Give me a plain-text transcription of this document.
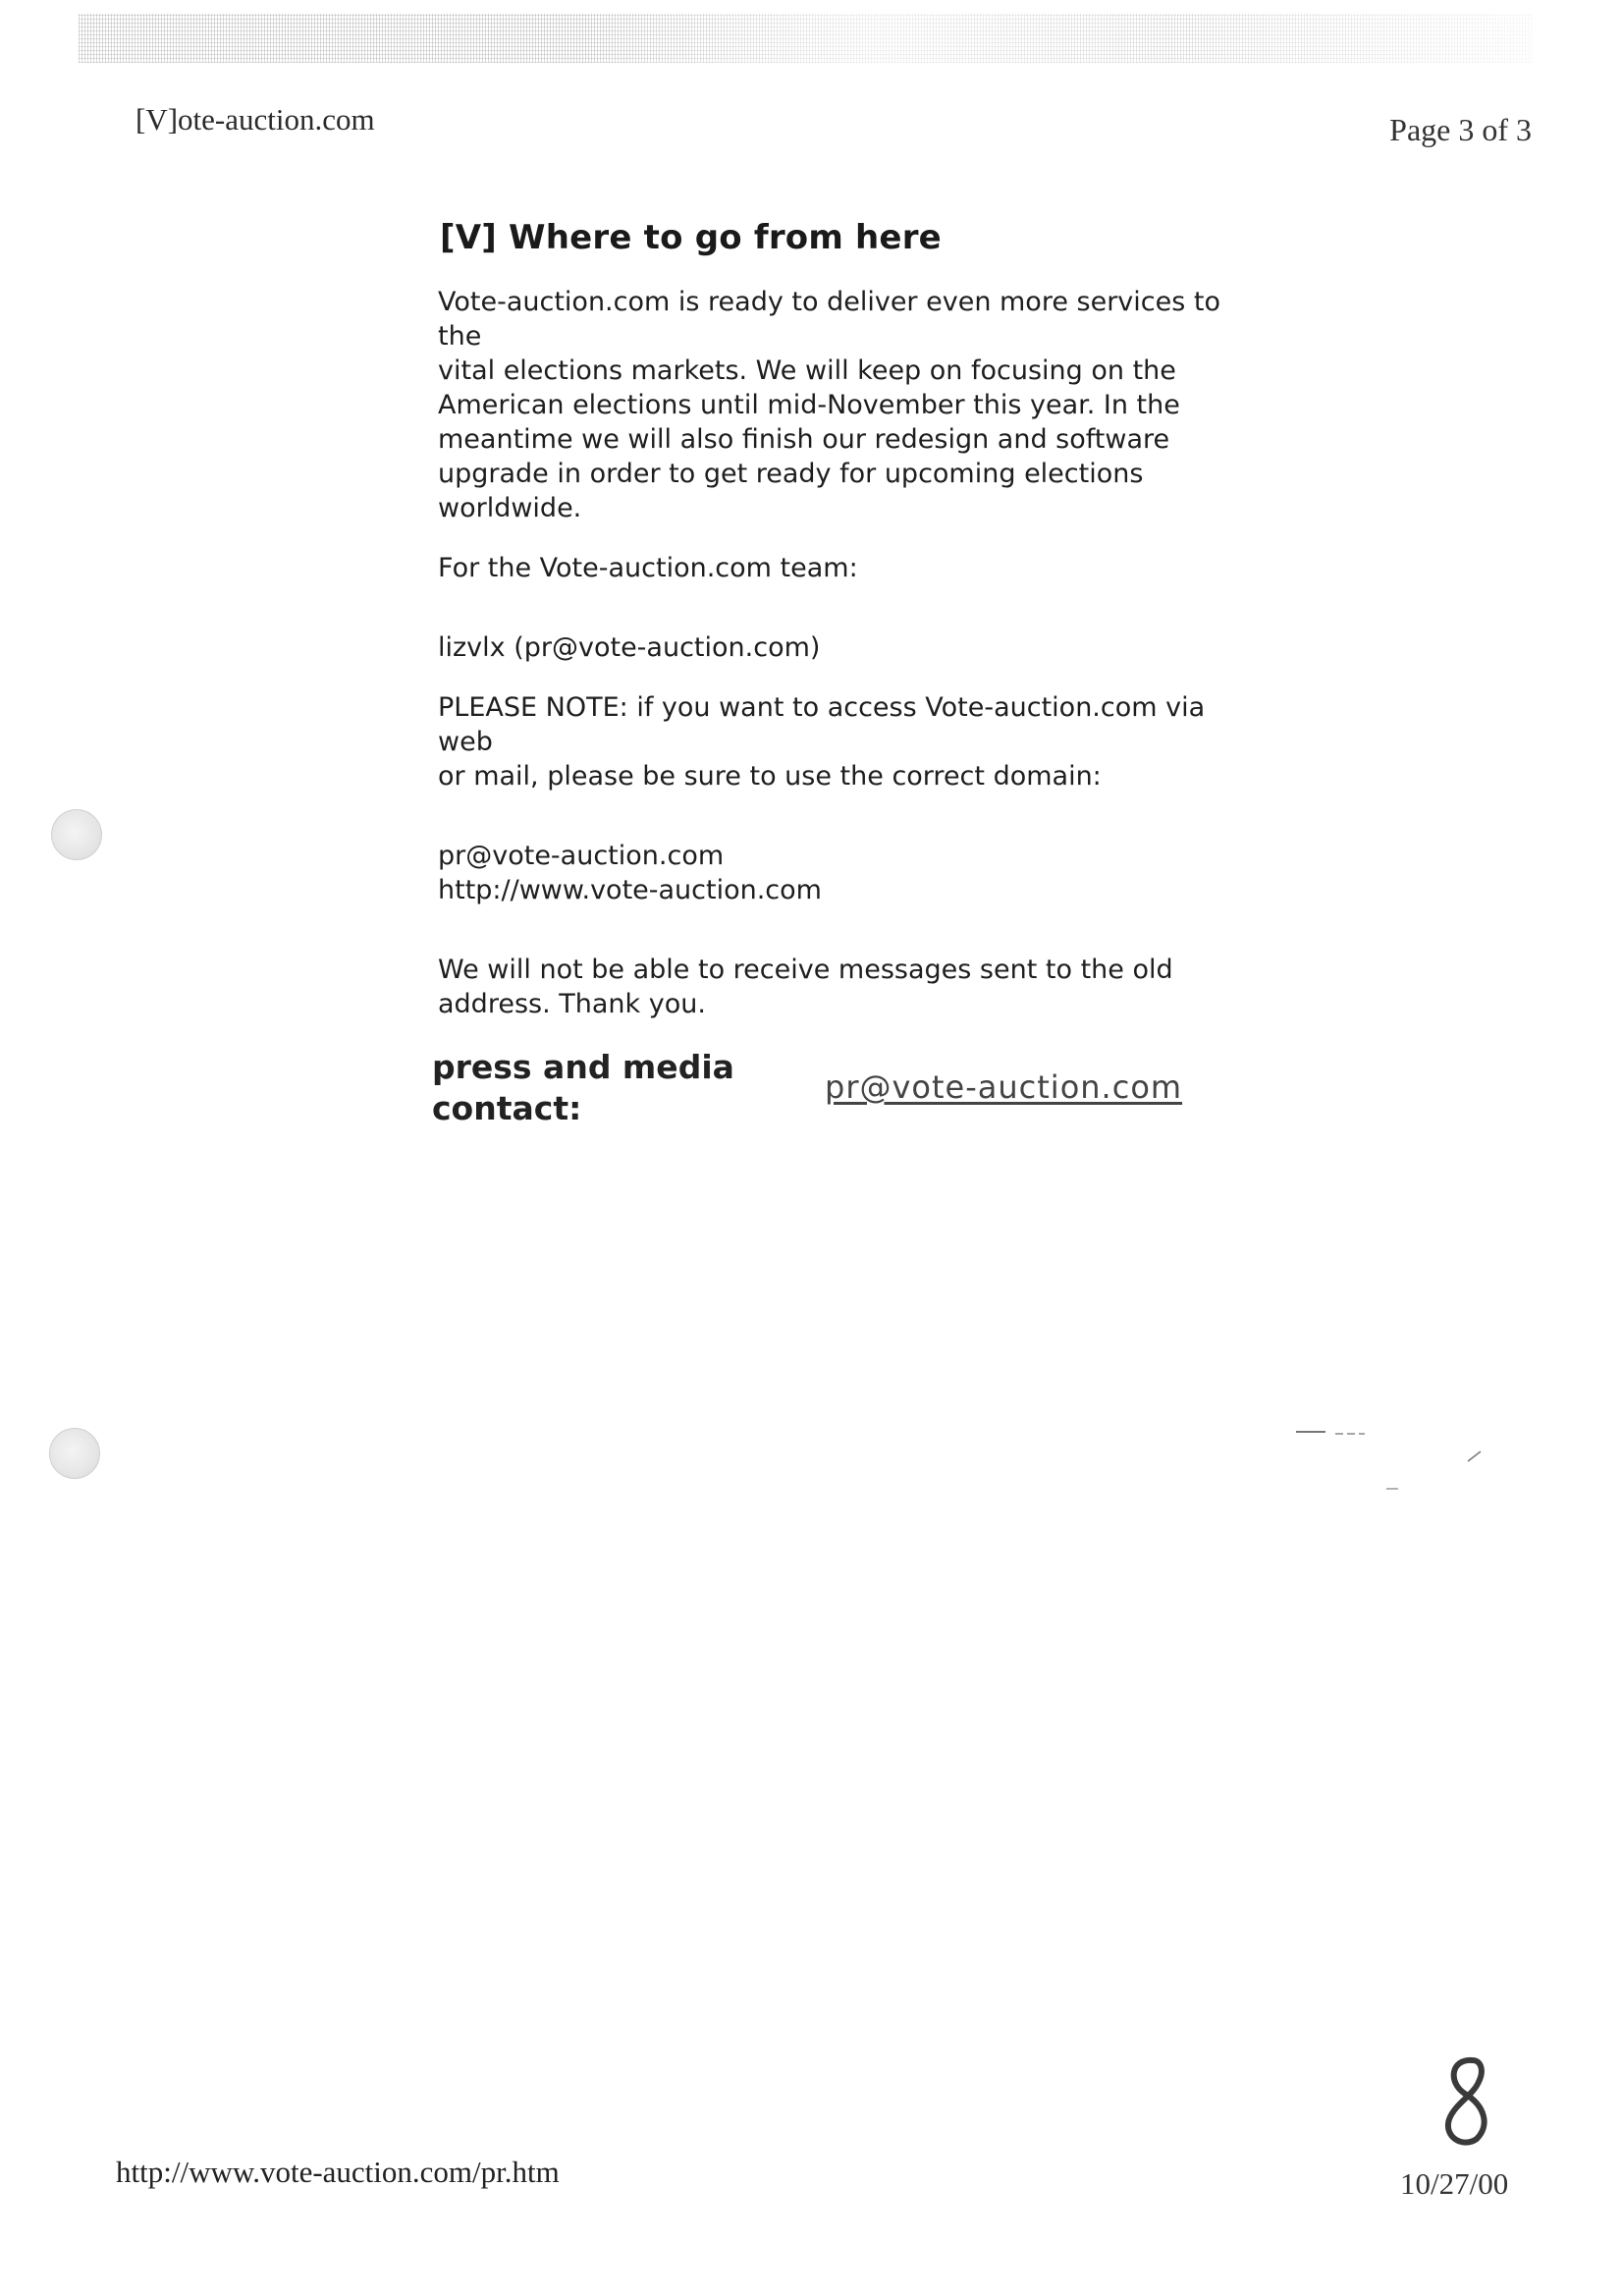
[V]ote-auction.com	Page 3 of 3
[V] Where to go from here
Vote-auction.com is ready to deliver even more services to the
vital elections markets. We will keep on focusing on the
American elections until mid-November this year. In the
meantime we will also finish our redesign and software
upgrade in order to get ready for upcoming elections
worldwide.
For the Vote-auction.com team:
lizvlx (pr@vote-auction.com)
PLEASE NOTE: if you want to access Vote-auction.com via web
or mail, please be sure to use the correct domain:
pr@vote-auction.com
http://www.vote-auction.com
We will not be able to receive messages sent to the old
address. Thank you.
press and media
contact:
pr@vote-auction.com
http://www.vote-auction.com/pr.htm	10/27/00
